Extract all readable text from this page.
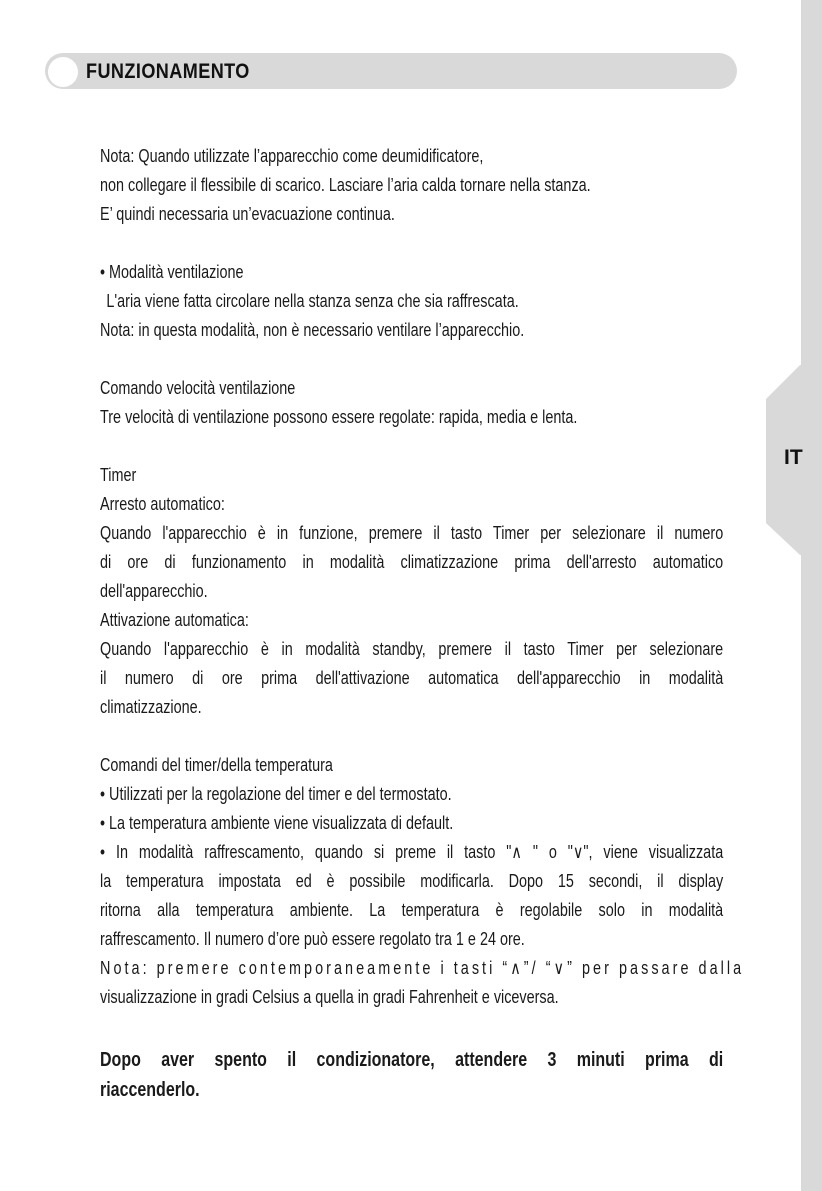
IT
FUNZIONAMENTO
Nota: Quando utilizzate l’apparecchio come deumidificatore,
non collegare il flessibile di scarico. Lasciare l’aria calda tornare nella stanza.
E’ quindi necessaria un’evacuazione continua.
• Modalità ventilazione
L'aria viene fatta circolare nella stanza senza che sia raffrescata.
Nota: in questa modalità, non è necessario ventilare l’apparecchio.
Comando velocità ventilazione
Tre velocità di ventilazione possono essere regolate: rapida, media e lenta.
Timer
Arresto automatico:
Quando l'apparecchio è in funzione, premere il tasto Timer per selezionare il numero
di ore di funzionamento in modalità climatizzazione prima dell'arresto automatico
dell'apparecchio.
Attivazione automatica:
Quando l'apparecchio è in modalità standby, premere il tasto Timer per selezionare
il numero di ore prima dell'attivazione automatica dell'apparecchio in modalità
climatizzazione.
Comandi del timer/della temperatura
• Utilizzati per la regolazione del timer e del termostato.
• La temperatura ambiente viene visualizzata di default.
• In modalità raffrescamento, quando si preme il tasto "∧ " o "∨", viene visualizzata
la temperatura impostata ed è possibile modificarla. Dopo 15 secondi, il display
ritorna alla temperatura ambiente. La temperatura è regolabile solo in modalità
raffrescamento. Il numero d’ore può essere regolato tra 1 e 24 ore.
Nota: premere contemporaneamente i tasti “∧”/ “∨” per passare dalla
visualizzazione in gradi Celsius a quella in gradi Fahrenheit e viceversa.
Dopo aver spento il condizionatore, attendere 3 minuti prima di
riaccenderlo.
